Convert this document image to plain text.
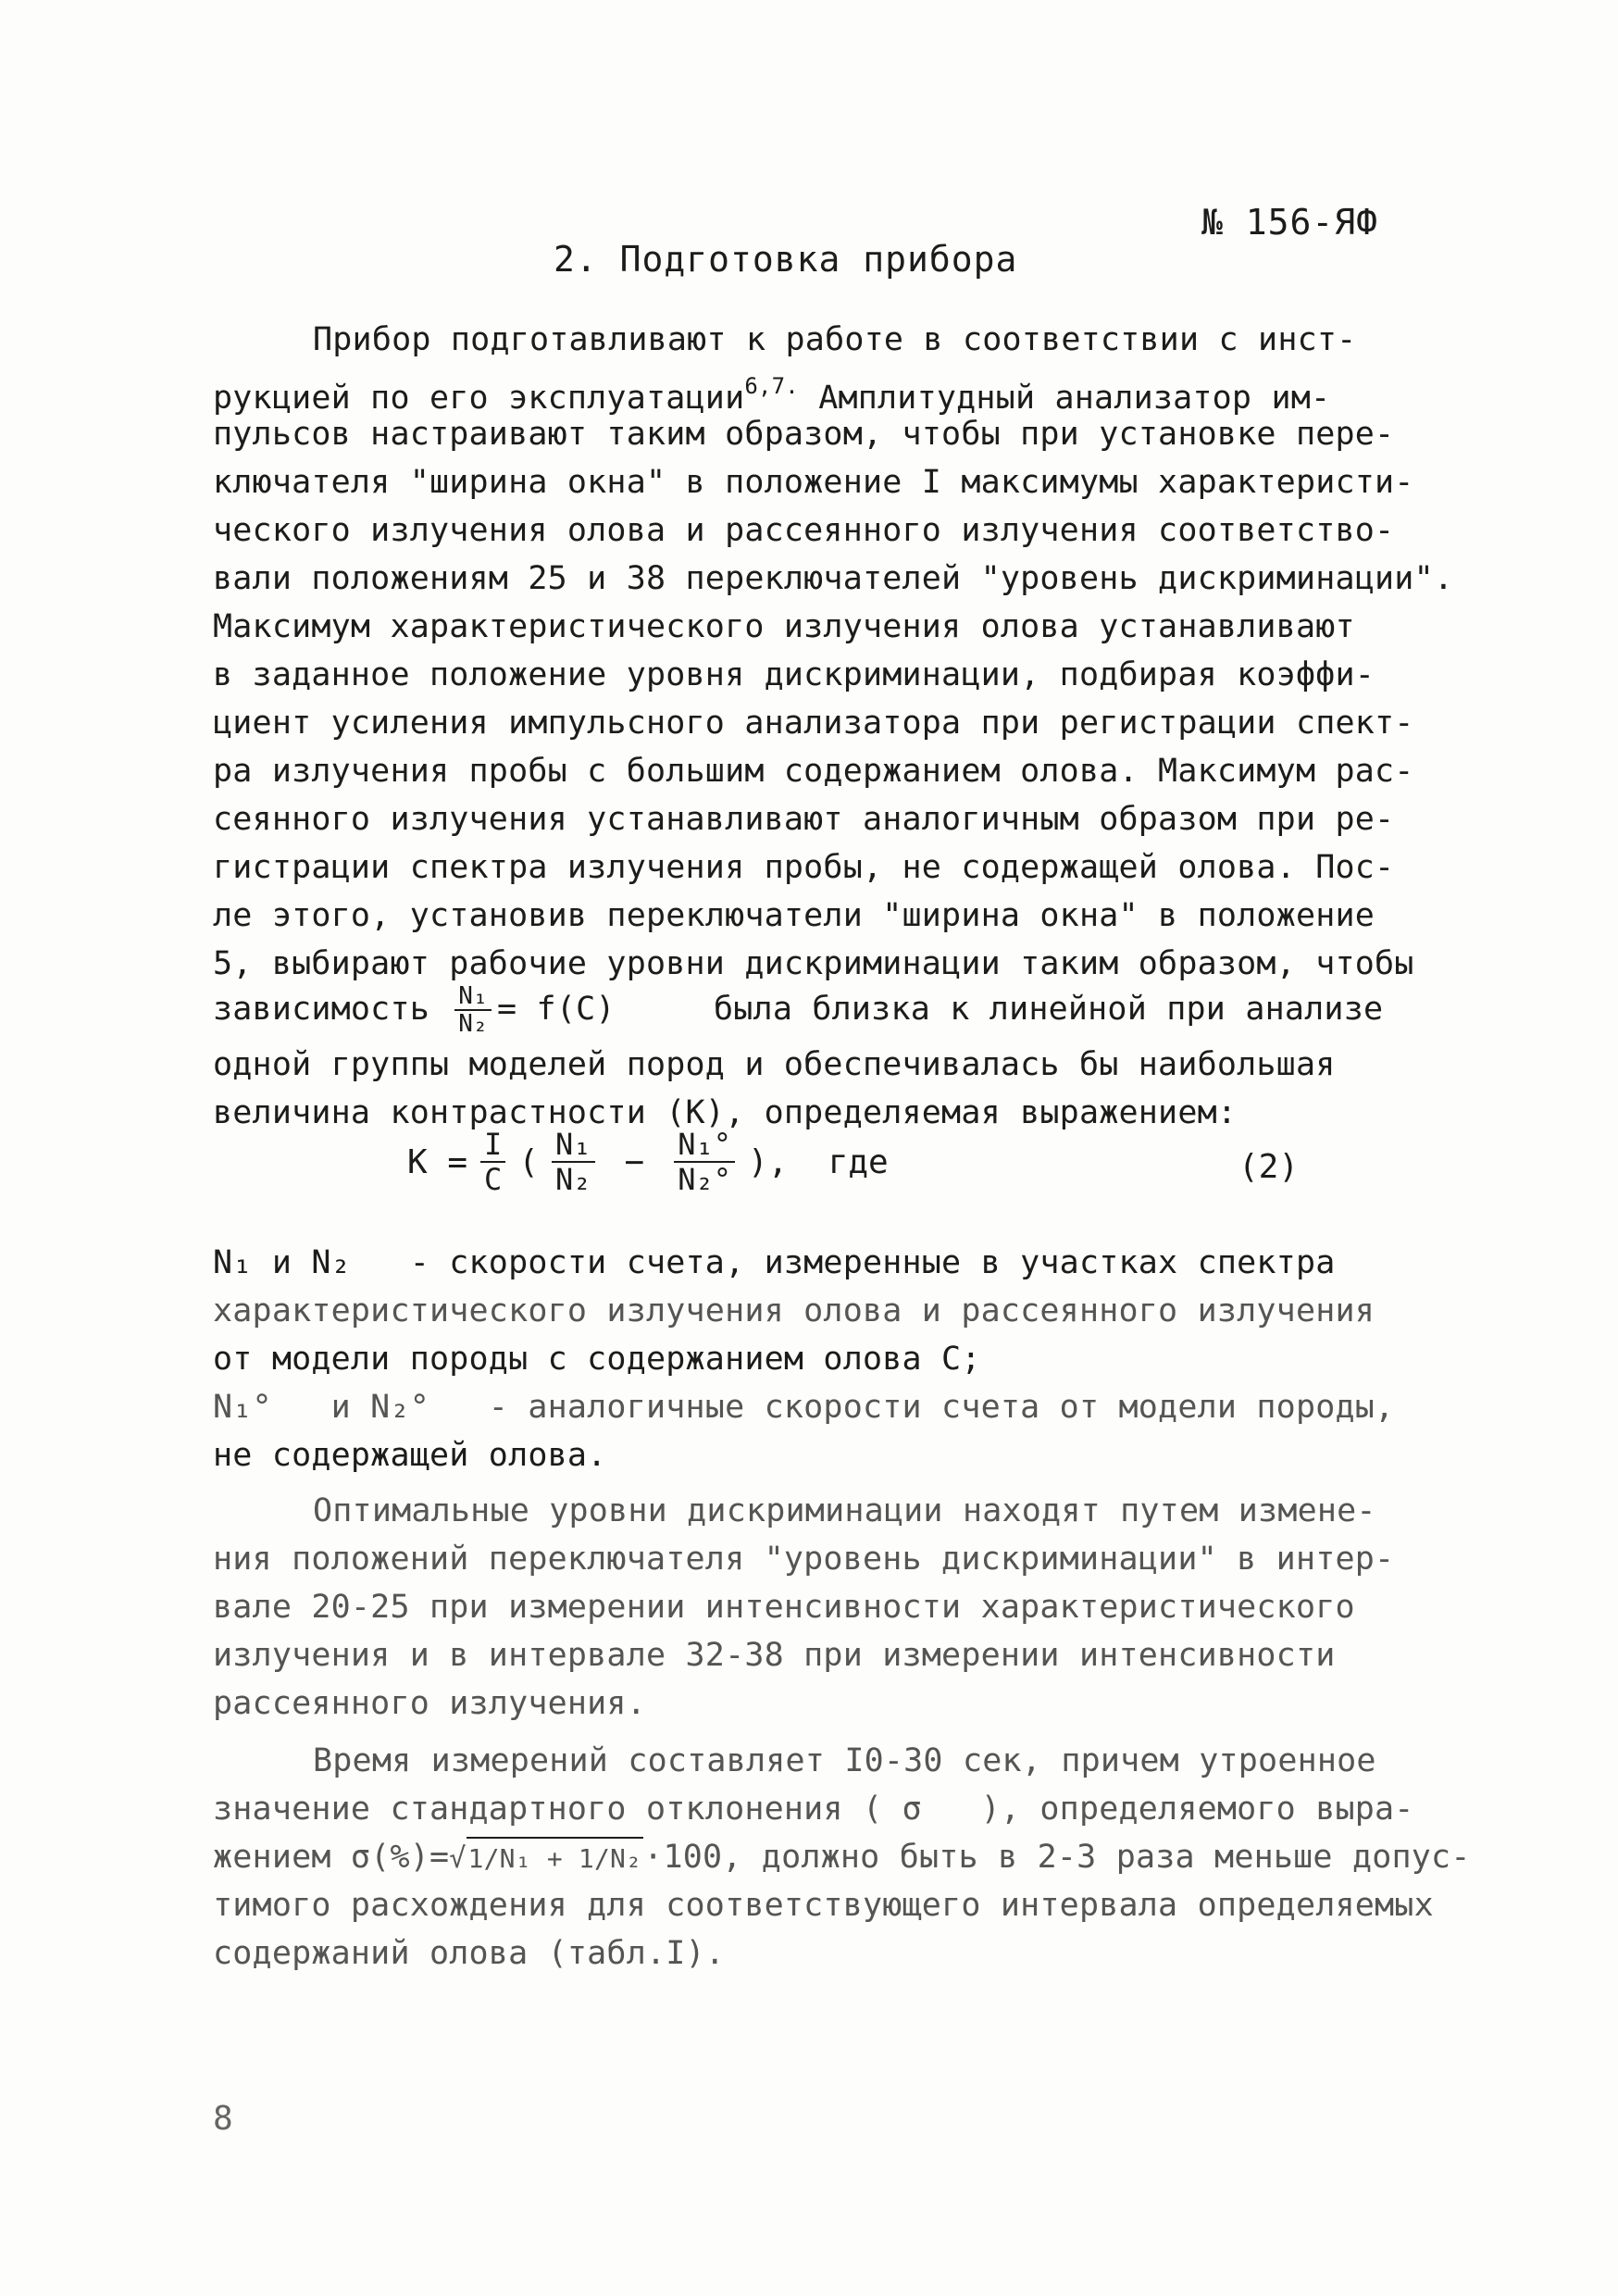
№ 156-ЯФ
2. Подготовка прибора
Прибор подготавливают к работе в соответствии с инст-
рукцией по его эксплуатации$^{6,7.}$ Амплитудный анализатор им-
пульсов настраивают таким образом, чтобы при установке пере-
ключателя "ширина окна" в положение I максимумы характеристи-
ческого излучения олова и рассеянного излучения соответство-
вали положениям 25 и 38 переключателей "уровень дискриминации".
Максимум характеристического излучения олова устанавливают
в заданное положение уровня дискриминации, подбирая коэффи-
циент усиления импульсного анализатора при регистрации спект-
ра излучения пробы с большим содержанием олова. Максимум рас-
сеянного излучения устанавливают аналогичным образом при ре-
гистрации спектра излучения пробы, не содержащей олова. Пос-
ле этого, установив переключатели "ширина окна" в положение
5, выбирают рабочие уровни дискриминации таким образом, чтобы
зависимость $\frac{\text{N₁}}{\text{N₂}} = f(C)$     была близка к линейной при анализе
одной группы моделей пород и обеспечивалась бы наибольшая
величина контрастности (К), определяемая выражением:
$К = \frac{I}{С}$ ( $\frac{\text{N₁}}{\text{N₂}} - \frac{\text{N₁°}}{\text{N₂°}}$ ),  где	(2)
N₁ и N₂   - скорости счета, измеренные в участках спектра
характеристического излучения олова и рассеянного излучения
от модели породы с содержанием олова С;
N₁°   и N₂°   - аналогичные скорости счета от модели породы,
не содержащей олова.
Оптимальные уровни дискриминации находят путем измене-
ния положений переключателя "уровень дискриминации" в интер-
вале 20-25 при измерении интенсивности характеристического
излучения и в интервале 32-38 при измерении интенсивности
рассеянного излучения.
Время измерений составляет I0-30 сек, причем утроенное
значение стандартного отклонения ( σ   ), определяемого выра-
жением σ(%)=√1/N₁ + 1/N₂·100, должно быть в 2-3 раза меньше допус-
тимого расхождения для соответствующего интервала определяемых
содержаний олова (табл.I).
8
